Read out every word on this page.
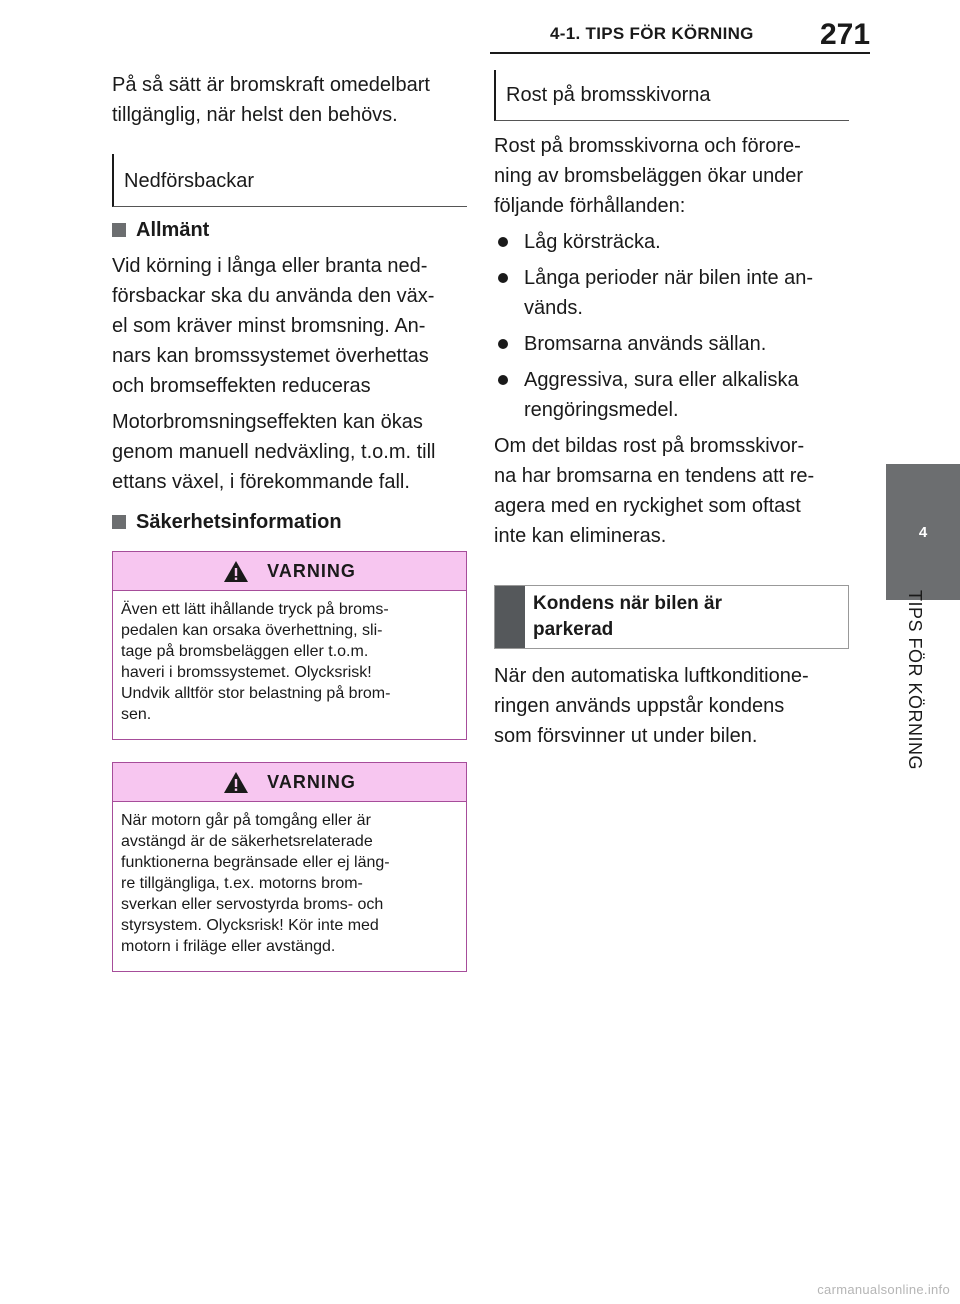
4-1. TIPS FÖR KÖRNING 271
4
TIPS FÖR KÖRNING

På så sätt är bromskraft omedelbart
tillgänglig, när helst den behövs.

Nedförsbackar
Allmänt

Vid körning i långa eller branta ned-
försbackar ska du använda den väx-
el som kräver minst bromsning. An-
nars kan bromssystemet överhettas
och bromseffekten reduceras

Motorbromsningseffekten kan ökas
genom manuell nedväxling, t.o.m. till
ettans växel, i förekommande fall.

Säkerhetsinformation
VARNING
Även ett lätt ihållande tryck på broms-
pedalen kan orsaka överhettning, sli-
tage på bromsbeläggen eller t.o.m.
haveri i bromssystemet. Olycksrisk!
Undvik alltför stor belastning på brom-
sen.
VARNING
När motorn går på tomgång eller är
avstängd är de säkerhetsrelaterade
funktionerna begränsade eller ej läng-
re tillgängliga, t.ex. motorns brom-
sverkan eller servostyrda broms- och
styrsystem. Olycksrisk! Kör inte med
motorn i friläge eller avstängd.
Rost på bromsskivorna

Rost på bromsskivorna och förore-
ning av bromsbeläggen ökar under
följande förhållanden:

Låg körsträcka.
Långa perioder när bilen inte an-
vänds.
Bromsarna används sällan.
Aggressiva, sura eller alkaliska
rengöringsmedel.

Om det bildas rost på bromsskivor-
na har bromsarna en tendens att re-
agera med en ryckighet som oftast
inte kan elimineras.

Kondens när bilen är
parkerad

När den automatiska luftkonditione-
ringen används uppstår kondens
som försvinner ut under bilen.

carmanualsonline.info
